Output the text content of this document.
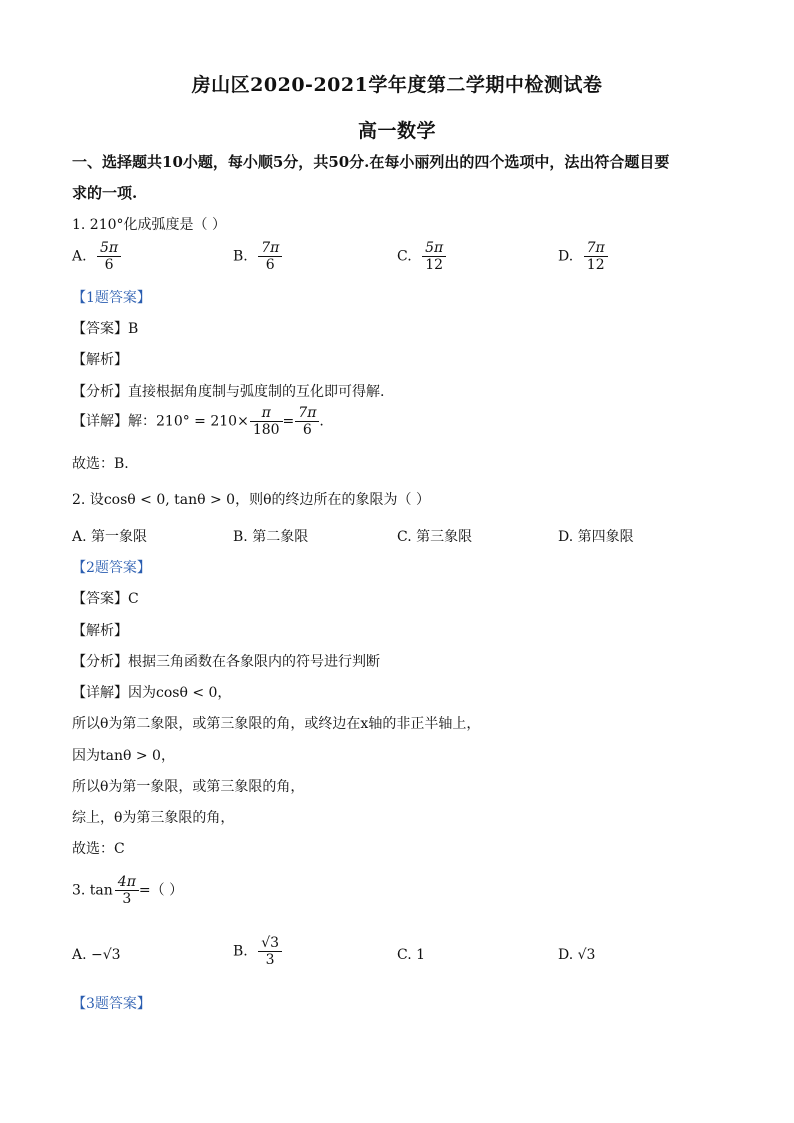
房山区2020-2021学年度第二学期中检测试卷
高一数学
一、选择题共10小题，每小顺5分，共50分.在每小丽列出的四个选项中，法出符合题目要
求的一项.
1. 210°化成弧度是（ ）
A. $\frac{5\pi}{6}$	B. $\frac{7\pi}{6}$	C. $\frac{5\pi}{12}$	D. $\frac{7\pi}{12}$
【1题答案】
【答案】B
【解析】
【分析】直接根据角度制与弧度制的互化即可得解.
【详解】解：$210^\circ = 210\times \frac{\pi}{180} = \frac{7\pi}{6}$ .
故选：B.
2. 设cosθ < 0, tanθ > 0，则θ的终边所在的象限为（ ）
A. 第一象限	B. 第二象限	C. 第三象限	D. 第四象限
【2题答案】
【答案】C
【解析】
【分析】根据三角函数在各象限内的符号进行判断
【详解】因为cosθ < 0，
所以θ为第二象限，或第三象限的角，或终边在x轴的非正半轴上，
因为tanθ > 0，
所以θ为第一象限，或第三象限的角，
综上，θ为第三象限的角，
故选：C
3. $\tan \frac{4\pi}{3}$ =（ ）
A. −√3	B. $\frac{√3}{3}$	C. 1	D. √3
【3题答案】
